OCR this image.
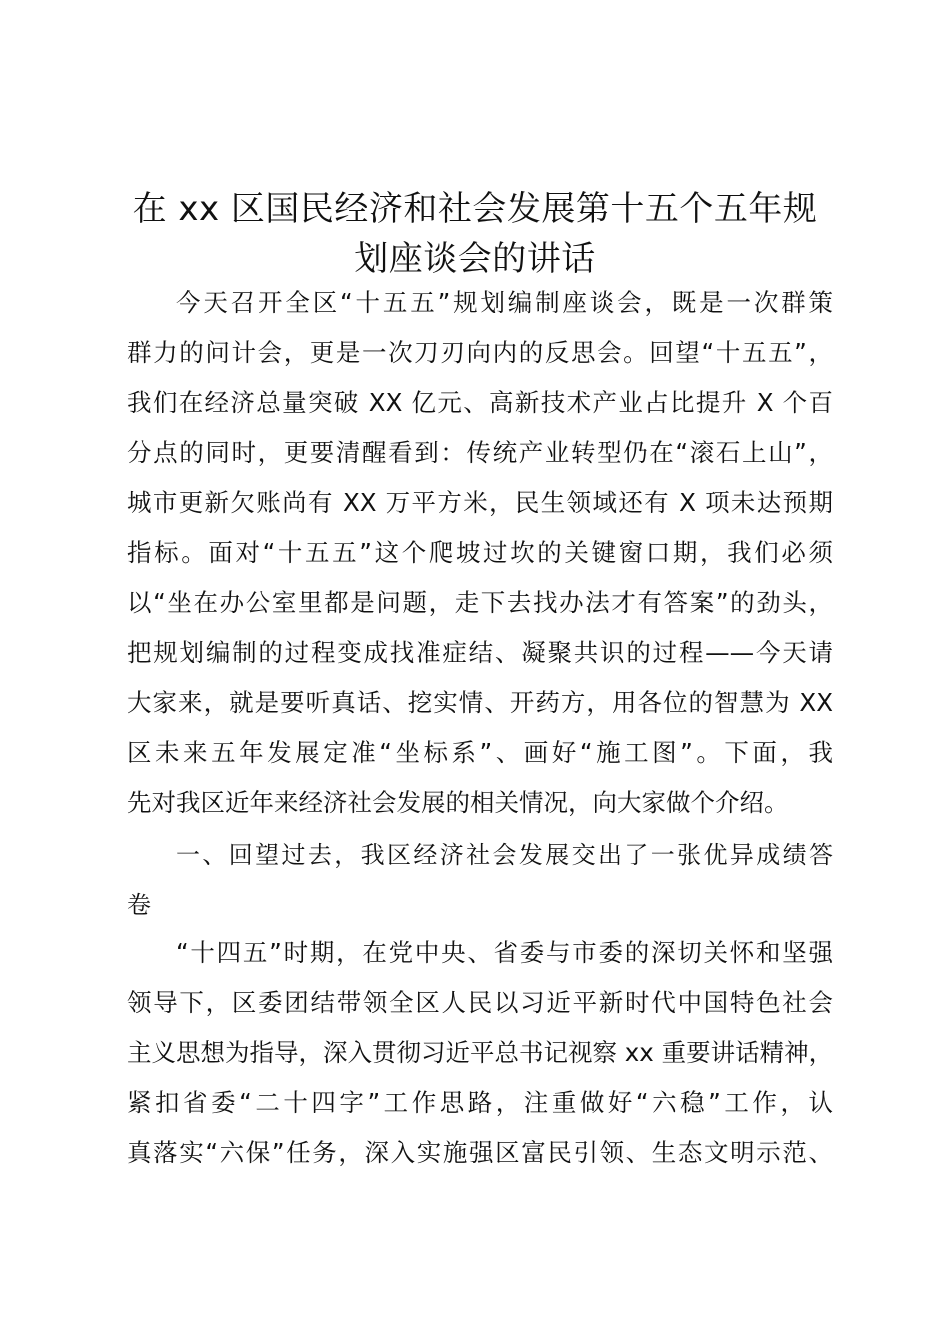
在 xx 区国民经济和社会发展第十五个五年规
划座谈会的讲话
今天召开全区“十五五”规划编制座谈会，既是一次群策
群力的问计会，更是一次刀刃向内的反思会。回望“十五五”，
我们在经济总量突破 XX 亿元、高新技术产业占比提升 X 个百
分点的同时，更要清醒看到：传统产业转型仍在“滚石上山”，
城市更新欠账尚有 XX 万平方米，民生领域还有 X 项未达预期
指标。面对“十五五”这个爬坡过坎的关键窗口期，我们必须
以“坐在办公室里都是问题，走下去找办法才有答案”的劲头，
把规划编制的过程变成找准症结、凝聚共识的过程——今天请
大家来，就是要听真话、挖实情、开药方，用各位的智慧为 XX
区未来五年发展定准“坐标系”、画好“施工图”。下面，我
先对我区近年来经济社会发展的相关情况，向大家做个介绍。
一、回望过去，我区经济社会发展交出了一张优异成绩答
卷
“十四五”时期，在党中央、省委与市委的深切关怀和坚强
领导下，区委团结带领全区人民以习近平新时代中国特色社会
主义思想为指导，深入贯彻习近平总书记视察 xx 重要讲话精神，
紧扣省委“二十四字”工作思路，注重做好“六稳”工作，认
真落实“六保”任务，深入实施强区富民引领、生态文明示范、
